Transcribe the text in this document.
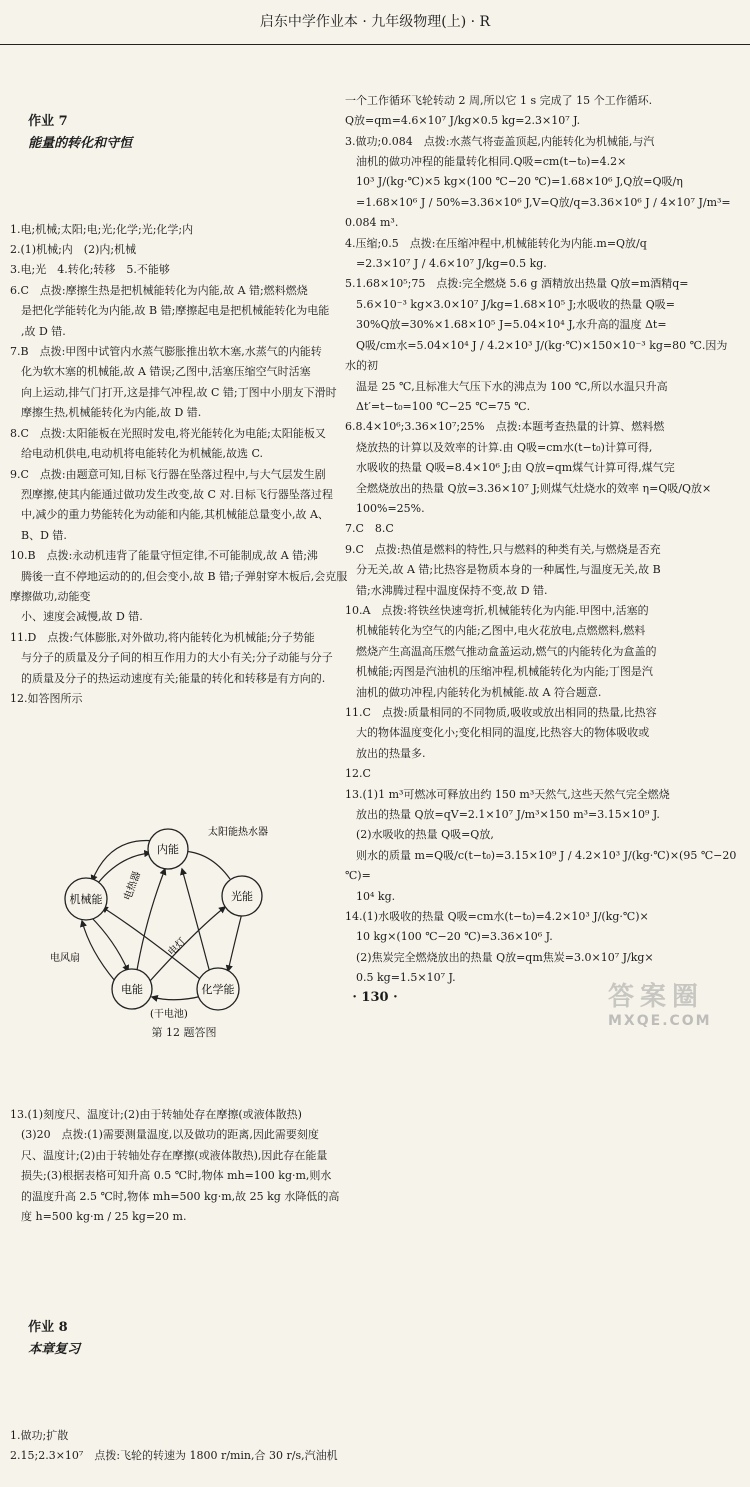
启东中学作业本 · 九年级物理(上) · R

作业 7
能量的转化和守恒

1.电;机械;太阳;电;光;化学;光;化学;内
2.(1)机械;内　(2)内;机械
3.电;光　4.转化;转移　5.不能够
6.C　点拨:摩擦生热是把机械能转化为内能,故 A 错;燃料燃烧
　是把化学能转化为内能,故 B 错;摩擦起电是把机械能转化为电能
　,故 D 错.
7.B　点拨:甲图中试管内水蒸气膨胀推出软木塞,水蒸气的内能转
　化为软木塞的机械能,故 A 错误;乙图中,活塞压缩空气时活塞
　向上运动,排气门打开,这是排气冲程,故 C 错;丁图中小朋友下滑时
　摩擦生热,机械能转化为内能,故 D 错.
8.C　点拨:太阳能板在光照时发电,将光能转化为电能;太阳能板又
　给电动机供电,电动机将电能转化为机械能,故选 C.
9.C　点拨:由题意可知,目标飞行器在坠落过程中,与大气层发生剧
　烈摩擦,使其内能通过做功发生改变,故 C 对.目标飞行器坠落过程
　中,减少的重力势能转化为动能和内能,其机械能总量变小,故 A、
　B、D 错.
10.B　点拨:永动机违背了能量守恒定律,不可能制成,故 A 错;沸
　腾後一直不停地运动的的,但会变小,故 B 错;子弹射穿木板后,会克服摩擦做功,动能变
　小、速度会减慢,故 D 错.
11.D　点拨:气体膨胀,对外做功,将内能转化为机械能;分子势能
　与分子的质量及分子间的相互作用力的大小有关;分子动能与分子
　的质量及分子的热运动速度有关;能量的转化和转移是有方向的.
12.如答图所示

内能
光能
化学能
电能
机械能
太阳能热水器
电热器
电灯
电风扇
(干电池)

第 12 题答图

13.(1)刻度尺、温度计;(2)由于转轴处存在摩擦(或液体散热)
　(3)20　点拨:(1)需要测量温度,以及做功的距离,因此需要刻度
　尺、温度计;(2)由于转轴处存在摩擦(或液体散热),因此存在能量
　损失;(3)根据表格可知升高 0.5 ℃时,物体 mh=100 kg·m,则水
　的温度升高 2.5 ℃时,物体 mh=500 kg·m,故 25 kg 水降低的高
　度 h=500 kg·m / 25 kg=20 m.

作业 8
本章复习

1.做功;扩散
2.15;2.3×10⁷　点拨:飞轮的转速为 1800 r/min,合 30 r/s,汽油机

一个工作循环飞轮转动 2 周,所以它 1 s 完成了 15 个工作循环.
Q放=qm=4.6×10⁷ J/kg×0.5 kg=2.3×10⁷ J.
3.做功;0.084　点拨:水蒸气将壶盖顶起,内能转化为机械能,与汽
　油机的做功冲程的能量转化相同.Q吸=cm(t−t₀)=4.2×
　10³ J/(kg·℃)×5 kg×(100 ℃−20 ℃)=1.68×10⁶ J,Q放=Q吸/η
　=1.68×10⁶ J / 50%=3.36×10⁶ J,V=Q放/q=3.36×10⁶ J / 4×10⁷ J/m³=0.084 m³.
4.压缩;0.5　点拨:在压缩冲程中,机械能转化为内能.m=Q放/q
　=2.3×10⁷ J / 4.6×10⁷ J/kg=0.5 kg.
5.1.68×10⁵;75　点拨:完全燃烧 5.6 g 酒精放出热量 Q放=m酒精q=
　5.6×10⁻³ kg×3.0×10⁷ J/kg=1.68×10⁵ J;水吸收的热量 Q吸=
　30%Q放=30%×1.68×10⁵ J=5.04×10⁴ J,水升高的温度 Δt=
　Q吸/cm水=5.04×10⁴ J / 4.2×10³ J/(kg·℃)×150×10⁻³ kg=80 ℃.因为水的初
　温是 25 ℃,且标准大气压下水的沸点为 100 ℃,所以水温只升高
　Δt′=t−t₀=100 ℃−25 ℃=75 ℃.
6.8.4×10⁶;3.36×10⁷;25%　点拨:本题考查热量的计算、燃料燃
　烧放热的计算以及效率的计算.由 Q吸=cm水(t−t₀)计算可得,
　水吸收的热量 Q吸=8.4×10⁶ J;由 Q放=qm煤气计算可得,煤气完
　全燃烧放出的热量 Q放=3.36×10⁷ J;则煤气灶烧水的效率 η=Q吸/Q放×
　100%=25%.
7.C　8.C
9.C　点拨:热值是燃料的特性,只与燃料的种类有关,与燃烧是否充
　分无关,故 A 错;比热容是物质本身的一种属性,与温度无关,故 B
　错;水沸腾过程中温度保持不变,故 D 错.
10.A　点拨:将铁丝快速弯折,机械能转化为内能.甲图中,活塞的
　机械能转化为空气的内能;乙图中,电火花放电,点燃燃料,燃料
　燃烧产生高温高压燃气推动盒盖运动,燃气的内能转化为盒盖的
　机械能;丙图是汽油机的压缩冲程,机械能转化为内能;丁图是汽
　油机的做功冲程,内能转化为机械能.故 A 符合题意.
11.C　点拨:质量相同的不同物质,吸收或放出相同的热量,比热容
　大的物体温度变化小;变化相同的温度,比热容大的物体吸收或
　放出的热量多.
12.C
13.(1)1 m³可燃冰可释放出约 150 m³天然气,这些天然气完全燃烧
　放出的热量 Q放=qV=2.1×10⁷ J/m³×150 m³=3.15×10⁹ J.
　(2)水吸收的热量 Q吸=Q放,
　则水的质量 m=Q吸/c(t−t₀)=3.15×10⁹ J / 4.2×10³ J/(kg·℃)×(95 ℃−20 ℃)=
　10⁴ kg.
14.(1)水吸收的热量 Q吸=cm水(t−t₀)=4.2×10³ J/(kg·℃)×
　10 kg×(100 ℃−20 ℃)=3.36×10⁶ J.
　(2)焦炭完全燃烧放出的热量 Q放=qm焦炭=3.0×10⁷ J/kg×
　0.5 kg=1.5×10⁷ J.

· 130 ·	答案圈
MXQE.COM
